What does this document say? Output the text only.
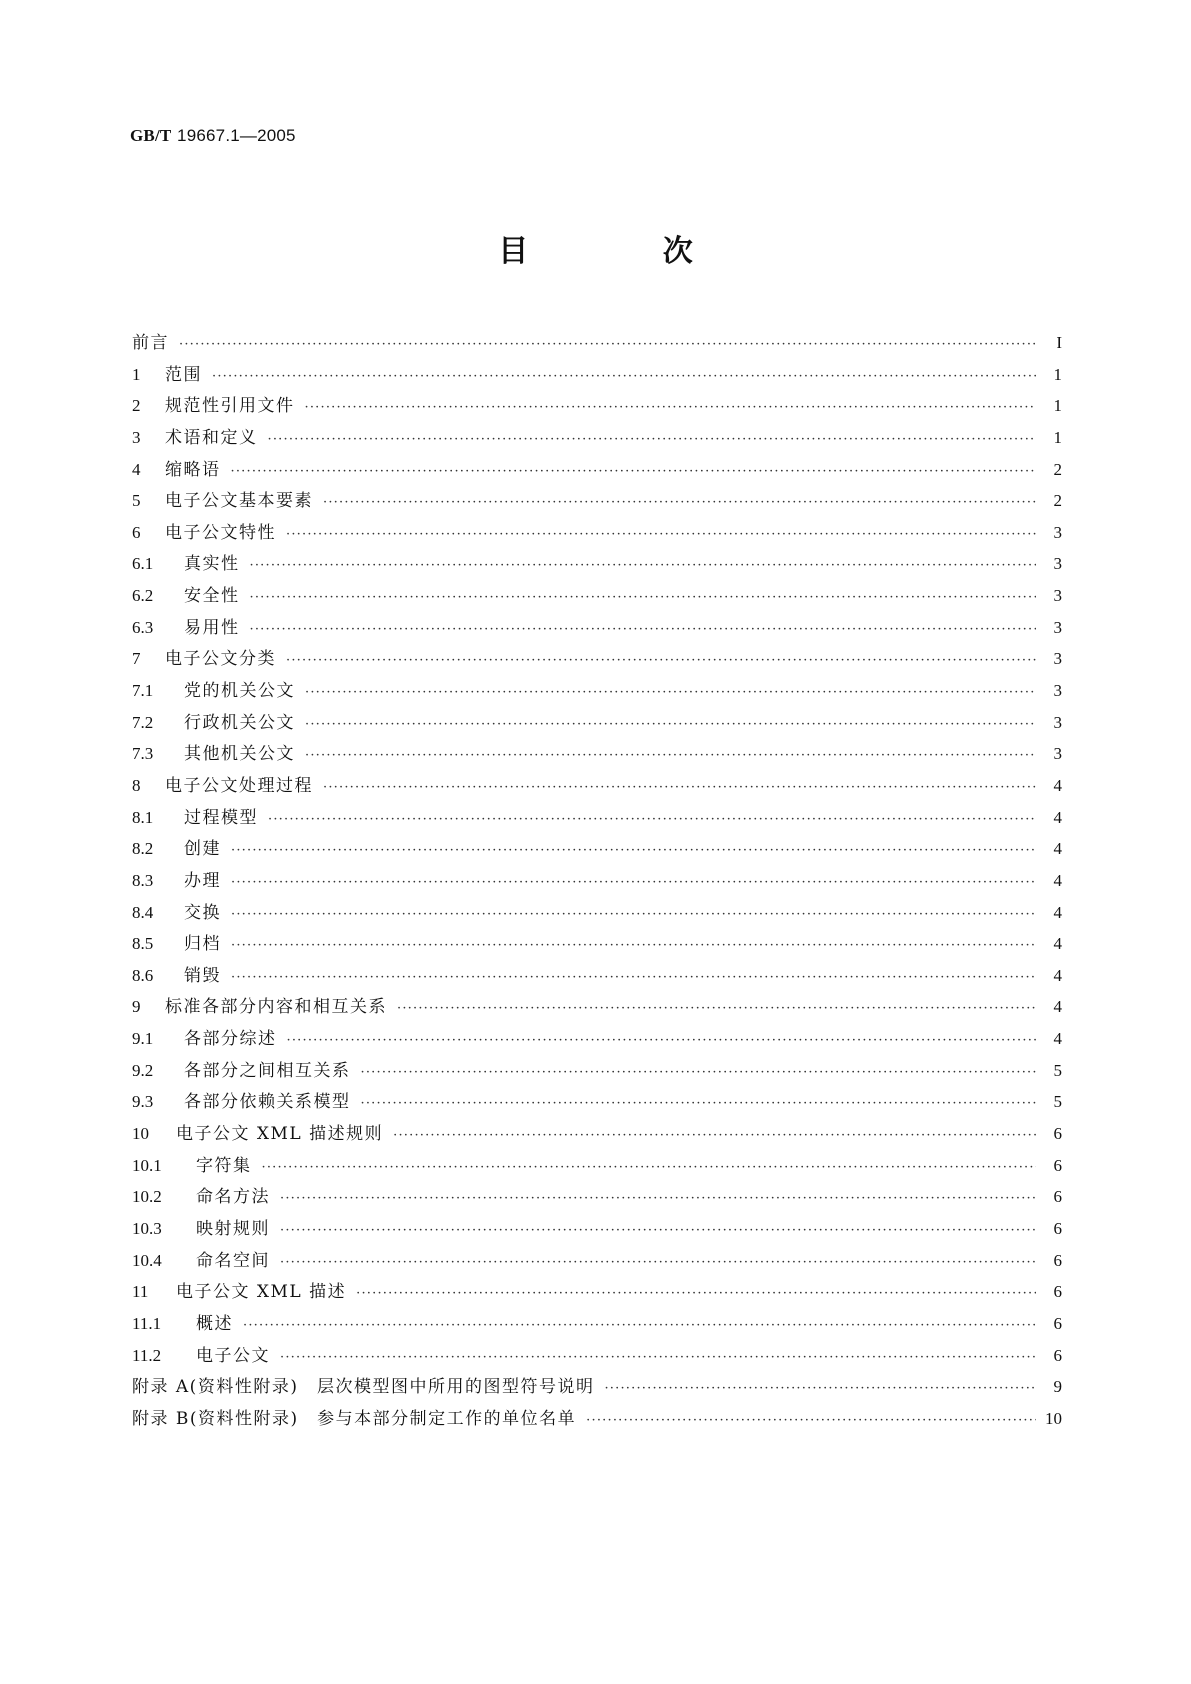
GB/T 19667.1—2005
目 次
前言 ·····	I
1	范围 ·····	1
2	规范性引用文件 ·····	1
3	术语和定义 ·····	1
4	缩略语 ·····	2
5	电子公文基本要素 ·····	2
6	电子公文特性 ·····	3
6.1	真实性 ·····	3
6.2	安全性 ·····	3
6.3	易用性 ·····	3
7	电子公文分类 ·····	3
7.1	党的机关公文 ·····	3
7.2	行政机关公文 ·····	3
7.3	其他机关公文 ·····	3
8	电子公文处理过程 ·····	4
8.1	过程模型 ·····	4
8.2	创建 ·····	4
8.3	办理 ·····	4
8.4	交换 ·····	4
8.5	归档 ·····	4
8.6	销毁 ·····	4
9	标准各部分内容和相互关系 ·····	4
9.1	各部分综述 ·····	4
9.2	各部分之间相互关系 ·····	5
9.3	各部分依赖关系模型 ·····	5
10	电子公文 XML 描述规则 ·····	6
10.1	字符集 ·····	6
10.2	命名方法 ·····	6
10.3	映射规则 ·····	6
10.4	命名空间 ·····	6
11	电子公文 XML 描述 ·····	6
11.1	概述 ·····	6
11.2	电子公文 ·····	6
附录 A(资料性附录)　层次模型图中所用的图型符号说明 ·····	9
附录 B(资料性附录)　参与本部分制定工作的单位名单 ·····	10
